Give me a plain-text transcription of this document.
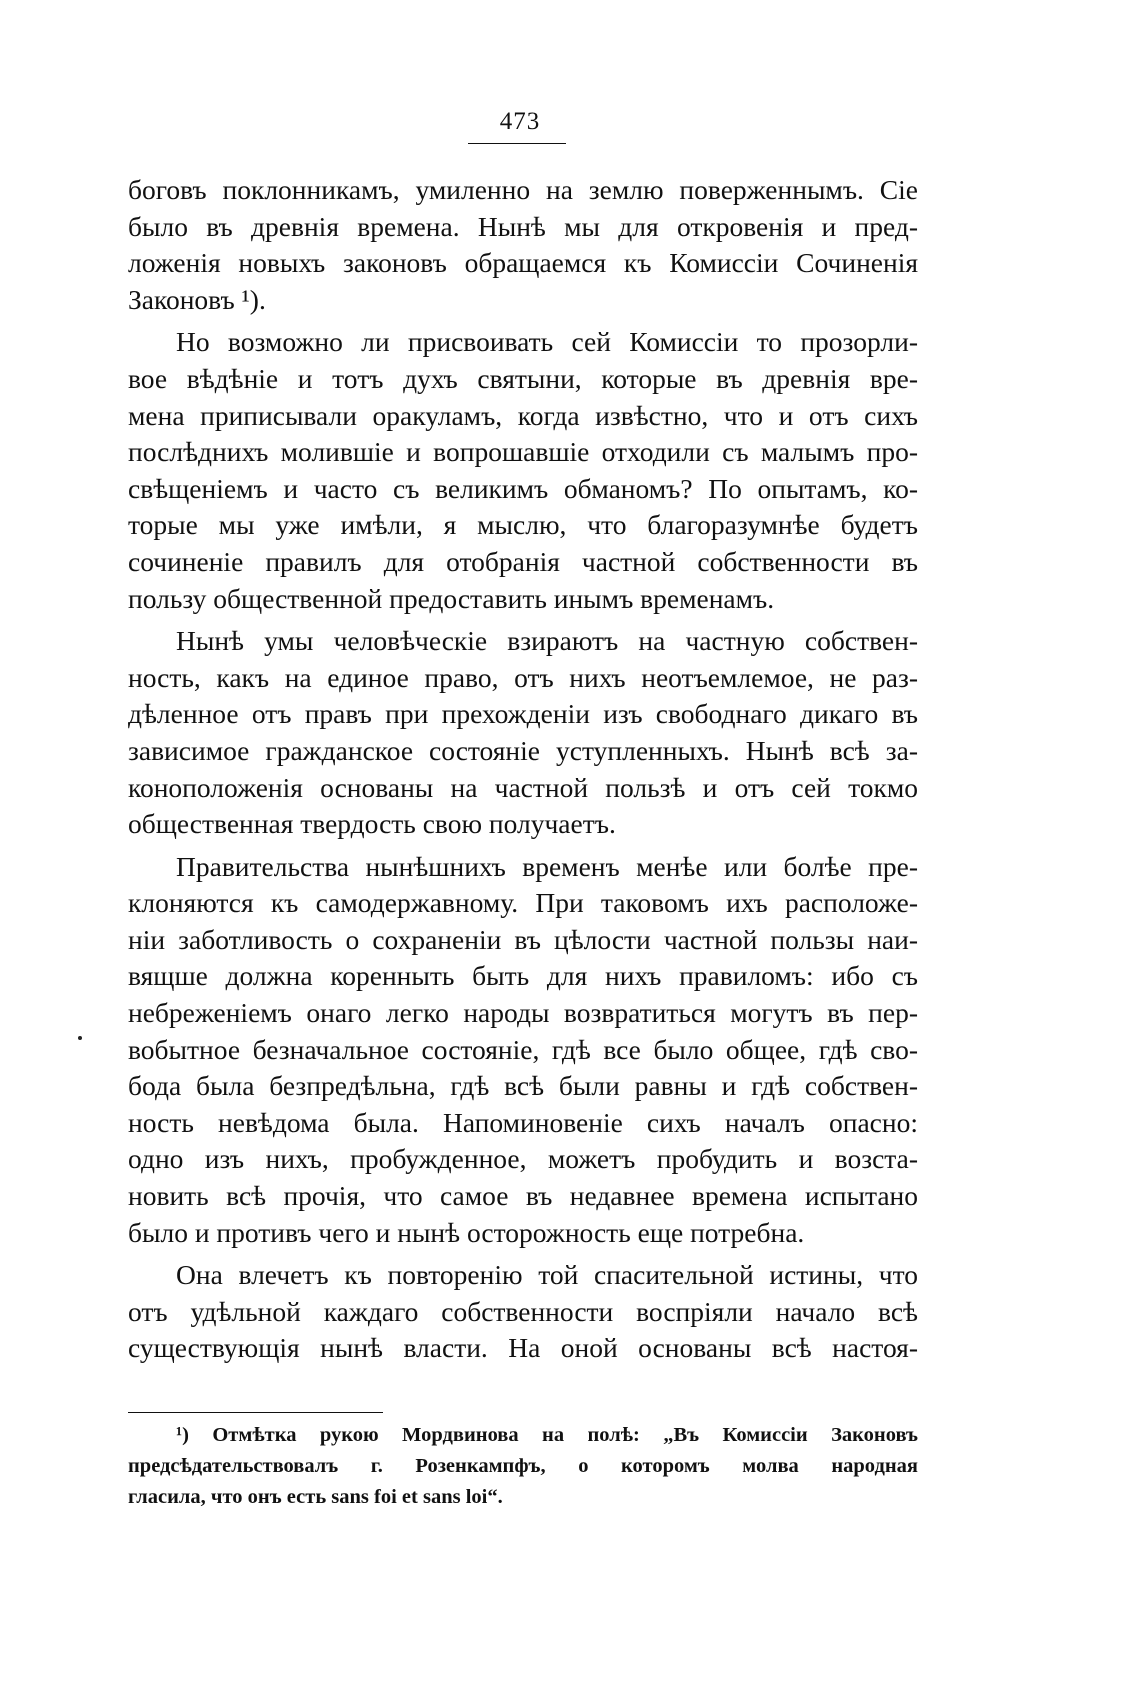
473

боговъ поклонникамъ, умиленно на землю поверженнымъ. Сіе
было въ древнія времена. Нынѣ мы для откровенія и пред-
ложенія новыхъ законовъ обращаемся къ Комиссіи Сочиненія
Законовъ ¹).

Но возможно ли присвоивать сей Комиссіи то прозорли-
вое вѣдѣніе и тотъ духъ святыни, которые въ древнія вре-
мена приписывали оракуламъ, когда извѣстно, что и отъ сихъ
послѣднихъ молившіе и вопрошавшіе отходили съ малымъ про-
свѣщеніемъ и часто съ великимъ обманомъ? По опытамъ, ко-
торые мы уже имѣли, я мыслю, что благоразумнѣе будетъ
сочиненіе правилъ для отобранія частной собственности въ
пользу общественной предоставить инымъ временамъ.

Нынѣ умы человѣческіе взираютъ на частную собствен-
ность, какъ на единое право, отъ нихъ неотъемлемое, не раз-
дѣленное отъ правъ при прехожденіи изъ свободнаго дикаго въ
зависимое гражданское состояніе уступленныхъ. Нынѣ всѣ за-
конoположенія основаны на частной пользѣ и отъ сей токмо
общественная твердость свою получаетъ.

Правительства нынѣшнихъ временъ менѣе или болѣе пре-
клоняются къ самодержавному. При таковомъ ихъ расположе-
ніи заботливость о сохраненіи въ цѣлости частной пользы наи-
вящше должна коренныть быть для нихъ правиломъ: ибо съ
небреженіемъ онаго легко народы возвратиться могутъ въ пер-
вобытное безначальное состояніе, гдѣ все было общее, гдѣ сво-
бода была безпредѣльна, гдѣ всѣ были равны и гдѣ собствен-
ность невѣдома была. Напоминовеніе сихъ началъ опасно:
одно изъ нихъ, пробужденное, можетъ пробудить и возста-
новить всѣ прочія, что самое въ недавнее времена испытано
было и противъ чего и нынѣ осторожность еще потребна.

Она влечетъ къ повторенію той спасительной истины, что
отъ удѣльной каждаго собственности воспріяли начало всѣ
существующія нынѣ власти. На оной основаны всѣ настоя-

¹) Отмѣтка рукою Мордвинова на полѣ: „Въ Комиссіи Законовъ
предсѣдательствовалъ г. Розенкампфъ, о которомъ молва народная
гласила, что онъ есть sans foi et sans loi“.
